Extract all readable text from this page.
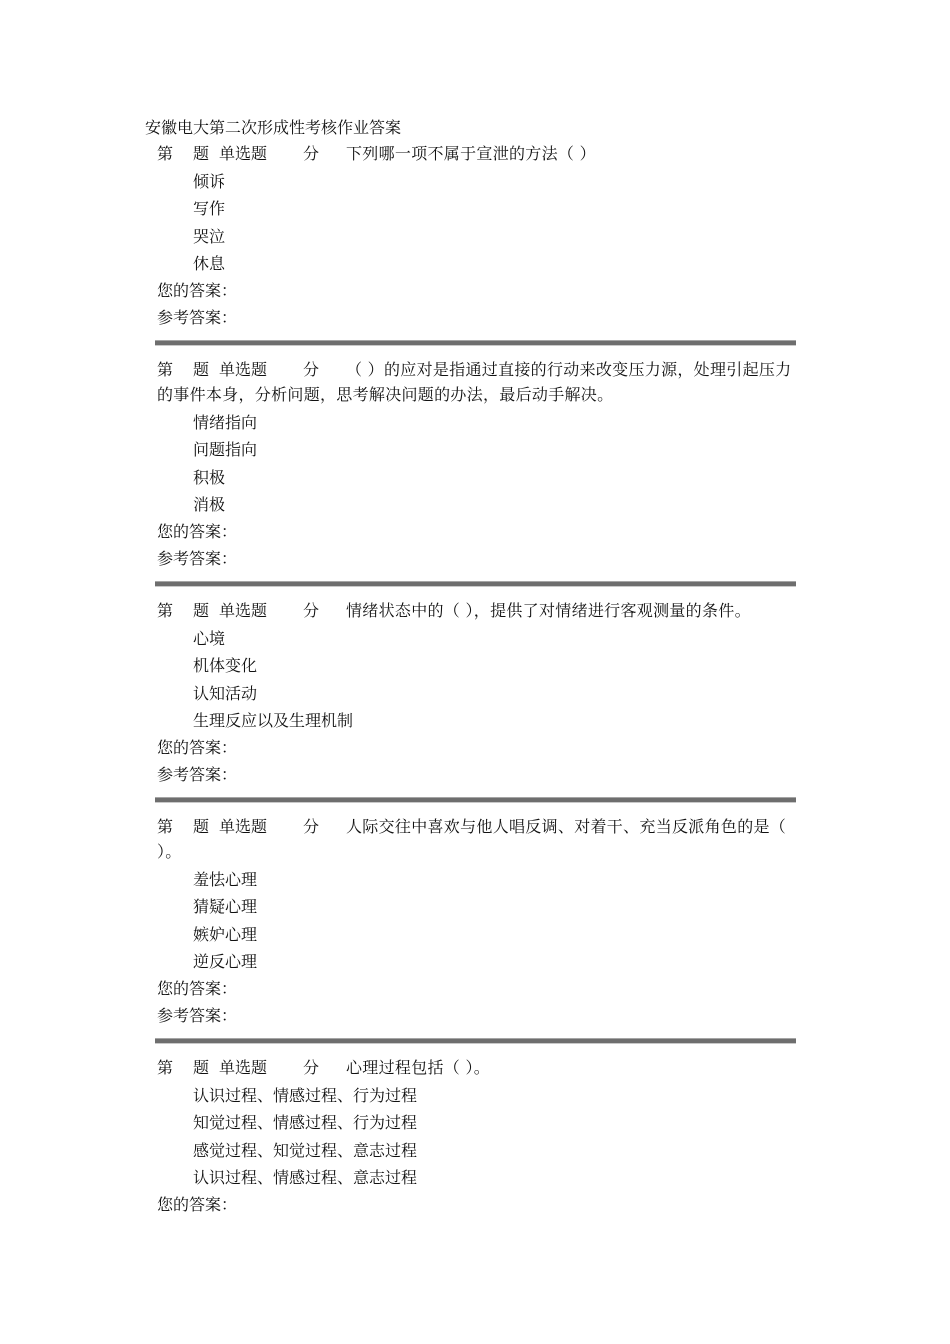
安徽电大第二次形成性考核作业答案
第 题 单选题 分	下列哪一项不属于宣泄的方法（ ）
倾诉
写作
哭泣
休息
您的答案：
参考答案：
第 题 单选题 分	（ ）的应对是指通过直接的行动来改变压力源，处理引起压力的事件本身，分析问题，思考解决问题的办法，最后动手解决。
情绪指向
问题指向
积极
消极
您的答案：
参考答案：
第 题 单选题 分	情绪状态中的（ ），提供了对情绪进行客观测量的条件。
心境
机体变化
认知活动
生理反应以及生理机制
您的答案：
参考答案：
第 题 单选题 分	人际交往中喜欢与他人唱反调、对着干、充当反派角色的是（ ）。
羞怯心理
猜疑心理
嫉妒心理
逆反心理
您的答案：
参考答案：
第 题 单选题 分	心理过程包括（ ）。
认识过程、情感过程、行为过程
知觉过程、情感过程、行为过程
感觉过程、知觉过程、意志过程
认识过程、情感过程、意志过程
您的答案：
